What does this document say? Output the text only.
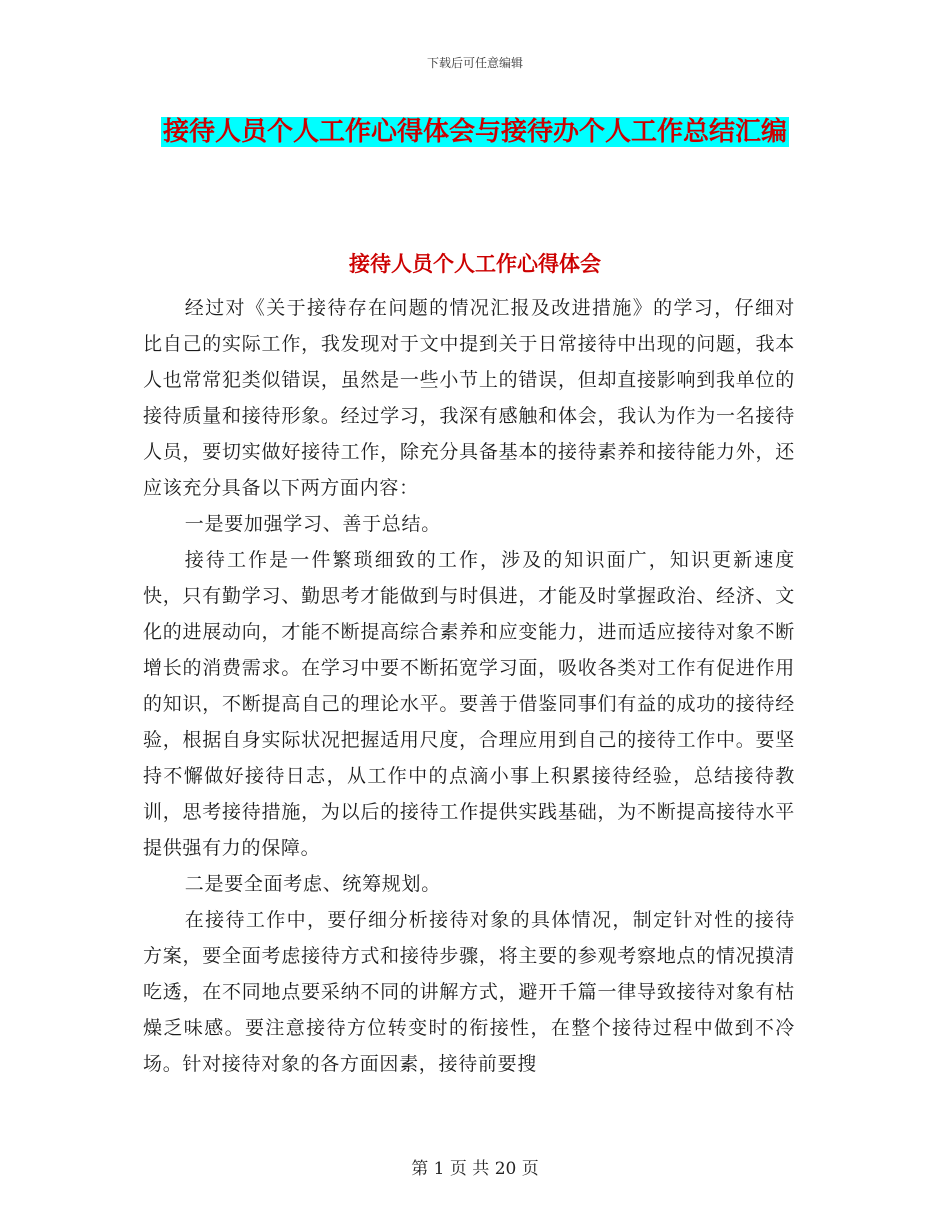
下载后可任意编辑
接待人员个人工作心得体会与接待办个人工作总结汇编
接待人员个人工作心得体会

经过对《关于接待存在问题的情况汇报及改进措施》的学习，仔细对比自己的实际工作，我发现对于文中提到关于日常接待中出现的问题，我本人也常常犯类似错误，虽然是一些小节上的错误，但却直接影响到我单位的接待质量和接待形象。经过学习，我深有感触和体会，我认为作为一名接待人员，要切实做好接待工作，除充分具备基本的接待素养和接待能力外，还应该充分具备以下两方面内容：

一是要加强学习、善于总结。

接待工作是一件繁琐细致的工作，涉及的知识面广，知识更新速度快，只有勤学习、勤思考才能做到与时俱进，才能及时掌握政治、经济、文化的进展动向，才能不断提高综合素养和应变能力，进而适应接待对象不断增长的消费需求。在学习中要不断拓宽学习面，吸收各类对工作有促进作用的知识，不断提高自己的理论水平。要善于借鉴同事们有益的成功的接待经验，根据自身实际状况把握适用尺度，合理应用到自己的接待工作中。要坚持不懈做好接待日志，从工作中的点滴小事上积累接待经验，总结接待教训，思考接待措施，为以后的接待工作提供实践基础，为不断提高接待水平提供强有力的保障。

二是要全面考虑、统筹规划。

在接待工作中，要仔细分析接待对象的具体情况，制定针对性的接待方案，要全面考虑接待方式和接待步骤，将主要的参观考察地点的情况摸清吃透，在不同地点要采纳不同的讲解方式，避开千篇一律导致接待对象有枯燥乏味感。要注意接待方位转变时的衔接性，在整个接待过程中做到不冷场。针对接待对象的各方面因素，接待前要搜

第 1 页 共 20 页
